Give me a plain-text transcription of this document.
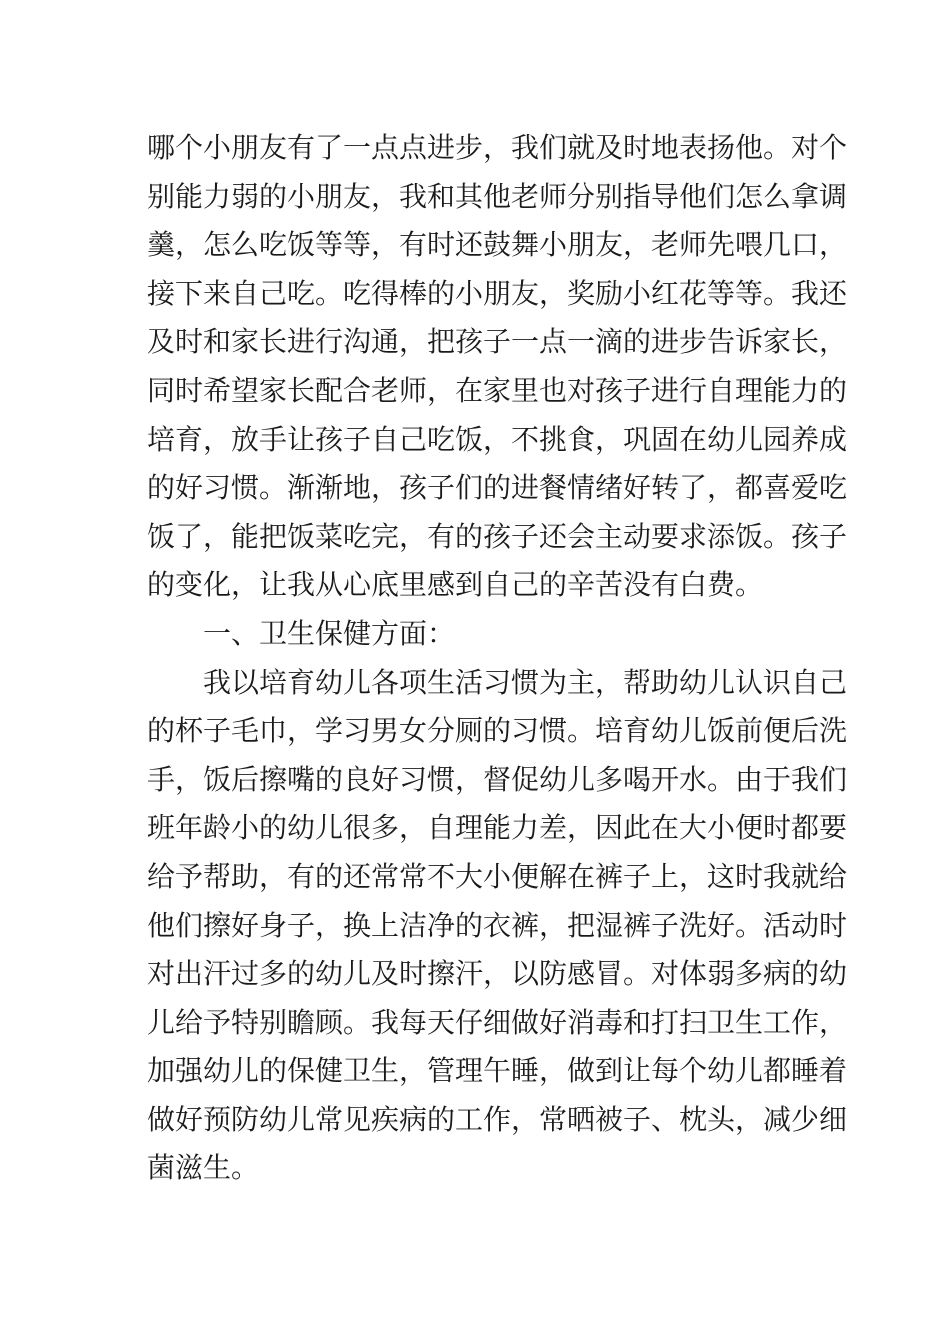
哪个小朋友有了一点点进步，我们就及时地表扬他。对个
别能力弱的小朋友，我和其他老师分别指导他们怎么拿调
羹，怎么吃饭等等，有时还鼓舞小朋友，老师先喂几口，
接下来自己吃。吃得棒的小朋友，奖励小红花等等。我还
及时和家长进行沟通，把孩子一点一滴的进步告诉家长，
同时希望家长配合老师，在家里也对孩子进行自理能力的
培育，放手让孩子自己吃饭，不挑食，巩固在幼儿园养成
的好习惯。渐渐地，孩子们的进餐情绪好转了，都喜爱吃
饭了，能把饭菜吃完，有的孩子还会主动要求添饭。孩子
的变化，让我从心底里感到自己的辛苦没有白费。
一、卫生保健方面：
我以培育幼儿各项生活习惯为主，帮助幼儿认识自己
的杯子毛巾，学习男女分厕的习惯。培育幼儿饭前便后洗
手，饭后擦嘴的良好习惯，督促幼儿多喝开水。由于我们
班年龄小的幼儿很多，自理能力差，因此在大小便时都要
给予帮助，有的还常常不大小便解在裤子上，这时我就给
他们擦好身子，换上洁净的衣裤，把湿裤子洗好。活动时
对出汗过多的幼儿及时擦汗，以防感冒。对体弱多病的幼
儿给予特别瞻顾。我每天仔细做好消毒和打扫卫生工作，
加强幼儿的保健卫生，管理午睡，做到让每个幼儿都睡着
做好预防幼儿常见疾病的工作，常晒被子、枕头，减少细
菌滋生。
